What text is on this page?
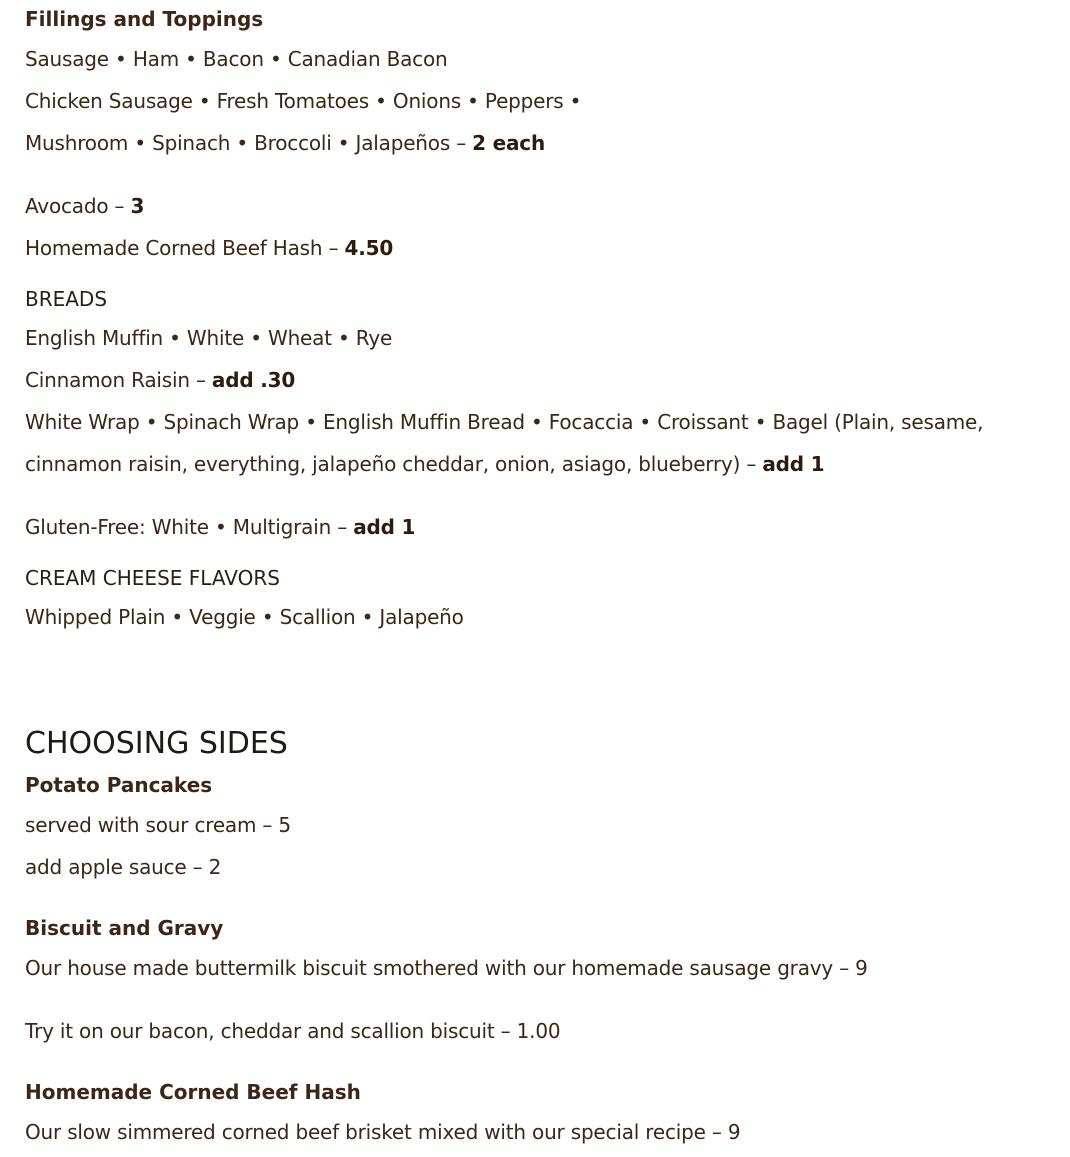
Fillings and Toppings
Sausage • Ham • Bacon • Canadian Bacon
Chicken Sausage • Fresh Tomatoes • Onions • Peppers •
Mushroom • Spinach • Broccoli • Jalapeños – 2 each
Avocado – 3
Homemade Corned Beef Hash – 4.50
BREADS
English Muffin • White • Wheat • Rye
Cinnamon Raisin – add .30
White Wrap • Spinach Wrap • English Muffin Bread • Focaccia • Croissant • Bagel (Plain, sesame,
cinnamon raisin, everything, jalapeño cheddar, onion, asiago, blueberry) – add 1
Gluten-Free: White • Multigrain – add 1
CREAM CHEESE FLAVORS
Whipped Plain • Veggie • Scallion • Jalapeño
CHOOSING SIDES
Potato Pancakes
served with sour cream – 5
add apple sauce – 2
Biscuit and Gravy
Our house made buttermilk biscuit smothered with our homemade sausage gravy – 9
Try it on our bacon, cheddar and scallion biscuit – 1.00
Homemade Corned Beef Hash
Our slow simmered corned beef brisket mixed with our special recipe – 9
